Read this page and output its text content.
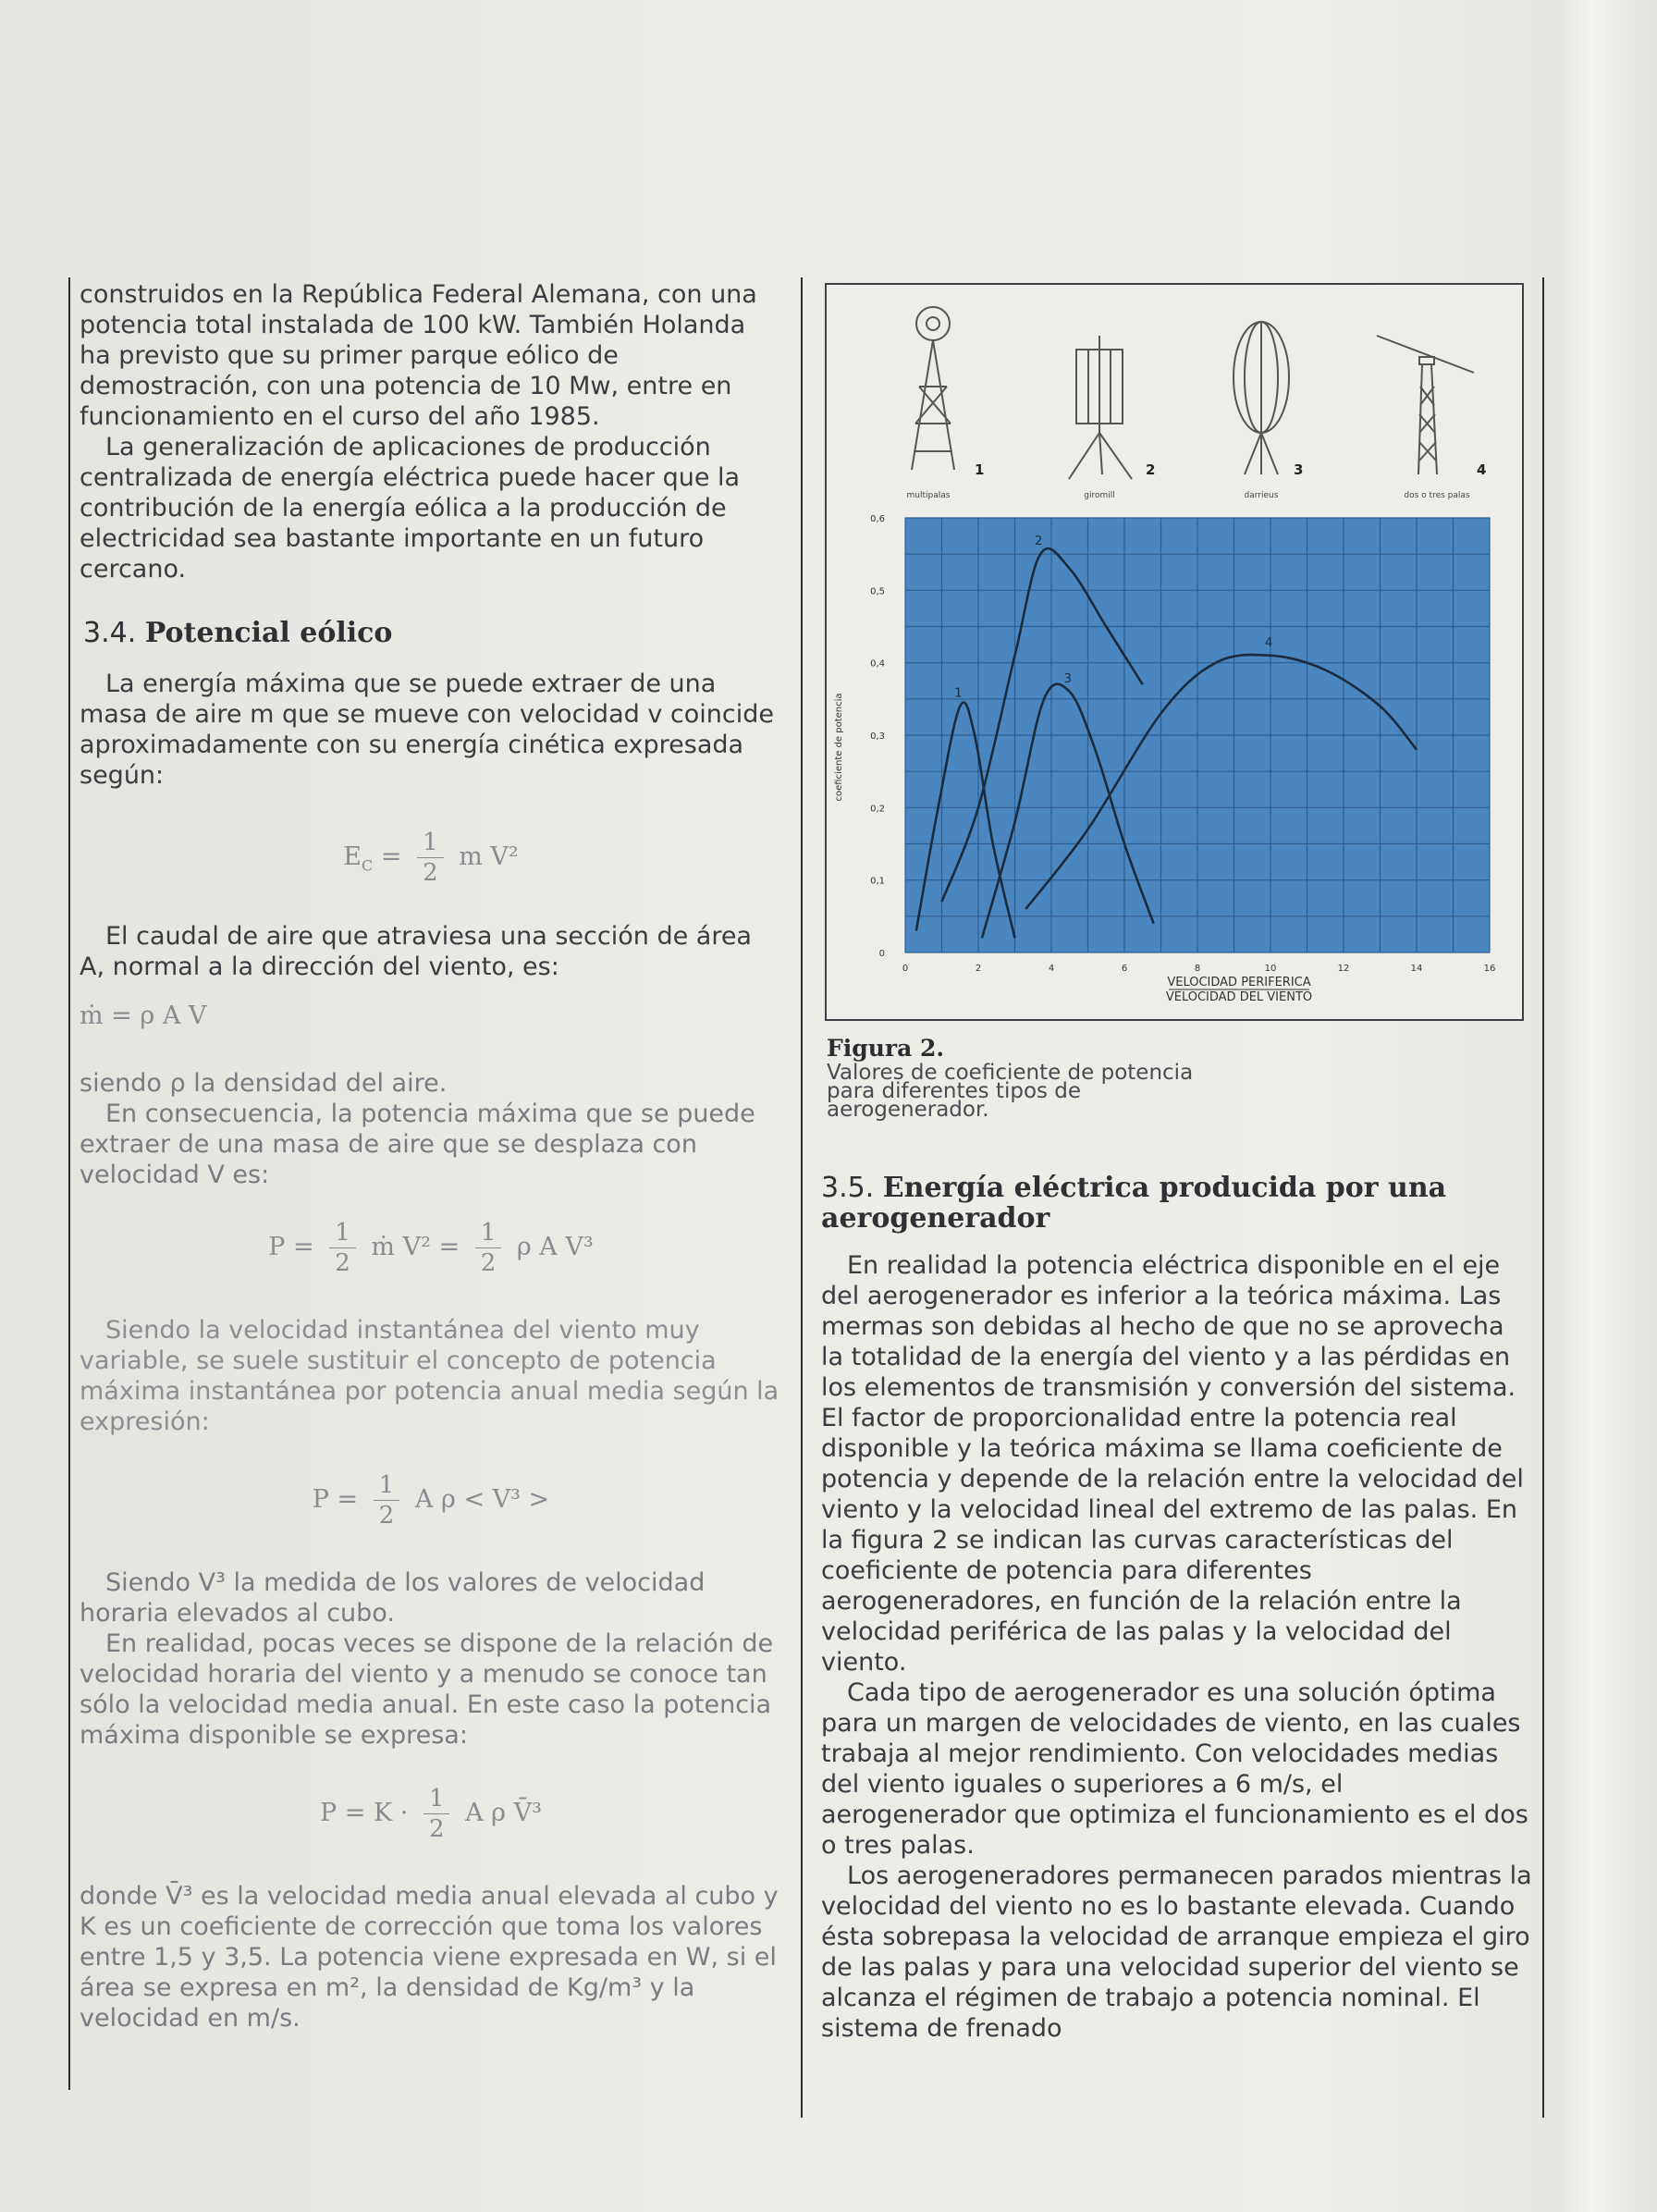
construidos en la República Federal Alemana, con una potencia total instalada de 100 kW. También Holanda ha previsto que su primer parque eólico de demostración, con una potencia de 10 Mw, entre en funcionamiento en el curso del año 1985.

La generalización de aplicaciones de producción centralizada de energía eléctrica puede hacer que la contribución de la energía eólica a la producción de electricidad sea bastante importante en un futuro cercano.

3.4. Potencial eólico

La energía máxima que se puede extraer de una masa de aire m que se mueve con velocidad v coincide aproximadamente con su energía cinética expresada según:

$E_C = \frac{1}{2}$ m V²

El caudal de aire que atraviesa una sección de área A, normal a la dirección del viento, es:

ṁ = ρ A V

siendo ρ la densidad del aire.

En consecuencia, la potencia máxima que se puede extraer de una masa de aire que se desplaza con velocidad V es:

$P = \frac{1}{2}$ ṁ $V^2 = \frac{1}{2}$ ρ A V³

Siendo la velocidad instantánea del viento muy variable, se suele sustituir el concepto de potencia máxima instantánea por potencia anual media según la expresión:

$P = \frac{1}{2}$ A ρ < V³ >

Siendo V³ la medida de los valores de velocidad horaria elevados al cubo.

En realidad, pocas veces se dispone de la relación de velocidad horaria del viento y a menudo se conoce tan sólo la velocidad media anual. En este caso la potencia máxima disponible se expresa:

$P = K \cdot \frac{1}{2}$ A ρ V̄³

donde V̄³ es la velocidad media anual elevada al cubo y K es un coeficiente de corrección que toma los valores entre 1,5 y 3,5. La potencia viene expresada en W, si el área se expresa en m², la densidad de Kg/m³ y la velocidad en m/s.

1
multipalas
2
giromill
3
darrieus
4
dos o tres palas
0	2	4	6	8	10	12	14	16
0
0,1
0,2
0,3
0,4
0,5
0,6
1
2
3
4
coeficiente de potencia
VELOCIDAD PERIFERICA
VELOCIDAD DEL VIENTO
Figura 2.
Valores de coeficiente de potencia para diferentes tipos de aerogenerador.
3.5. Energía eléctrica producida por una aerogenerador

En realidad la potencia eléctrica disponible en el eje del aerogenerador es inferior a la teórica máxima. Las mermas son debidas al hecho de que no se aprovecha la totalidad de la energía del viento y a las pérdidas en los elementos de transmisión y conversión del sistema. El factor de proporcionalidad entre la potencia real disponible y la teórica máxima se llama coeficiente de potencia y depende de la relación entre la velocidad del viento y la velocidad lineal del extremo de las palas. En la figura 2 se indican las curvas características del coeficiente de potencia para diferentes aerogeneradores, en función de la relación entre la velocidad periférica de las palas y la velocidad del viento.

Cada tipo de aerogenerador es una solución óptima para un margen de velocidades de viento, en las cuales trabaja al mejor rendimiento. Con velocidades medias del viento iguales o superiores a 6 m/s, el aerogenerador que optimiza el funcionamiento es el dos o tres palas.

Los aerogeneradores permanecen parados mientras la velocidad del viento no es lo bastante elevada. Cuando ésta sobrepasa la velocidad de arranque empieza el giro de las palas y para una velocidad superior del viento se alcanza el régimen de trabajo a potencia nominal. El sistema de frenado
